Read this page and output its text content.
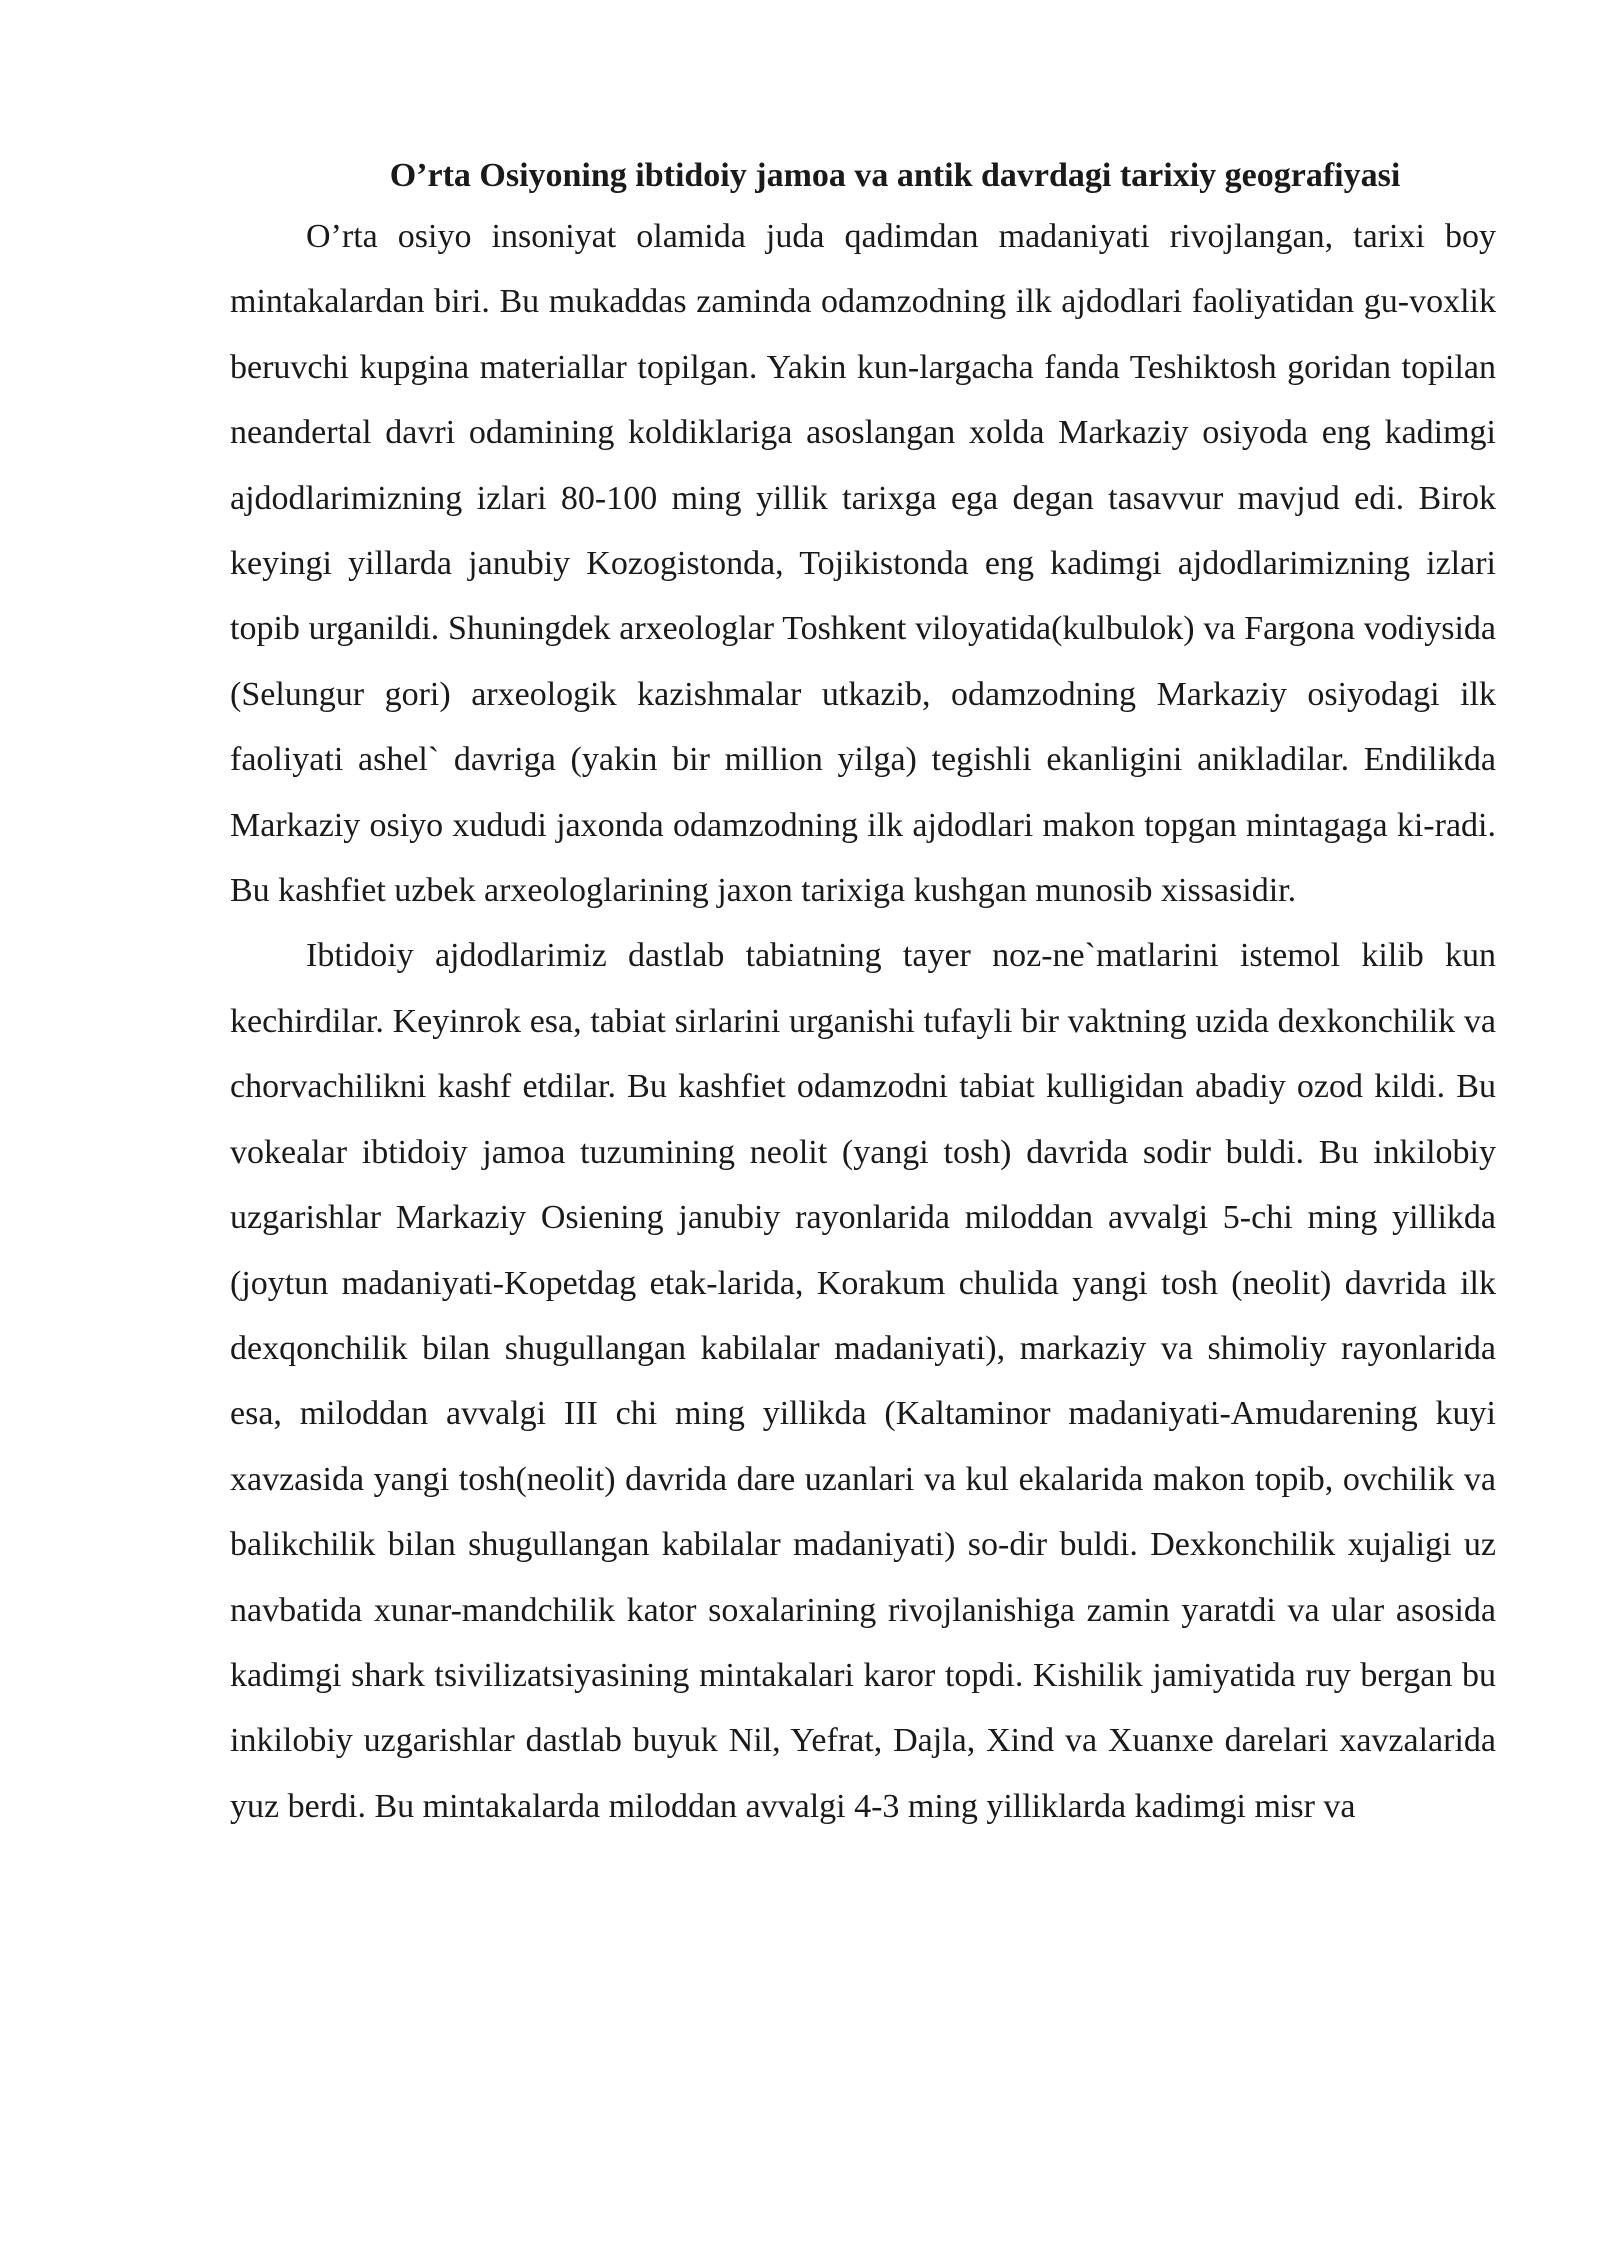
O’rta Osiyoning ibtidoiy jamoa va antik davrdagi tarixiy geografiyasi

O’rta osiyo insoniyat olamida juda qadimdan madaniyati rivojlangan, tarixi boy mintakalardan biri. Bu mukaddas zaminda odamzodning ilk ajdodlari faoliyatidan gu-voxlik beruvchi kupgina materiallar topilgan. Yakin kun-largacha fanda Teshiktosh goridan topilan neandertal davri odamining koldiklariga asoslangan xolda Markaziy osiyoda eng kadimgi ajdodlarimizning izlari 80-100 ming yillik tarixga ega degan tasavvur mavjud edi. Birok keyingi yillarda janubiy Kozogistonda, Tojikistonda eng kadimgi ajdodlarimizning izlari topib urganildi. Shuningdek arxeologlar Toshkent viloyatida(kulbulok) va Fargona vodiysida (Selungur gori) arxeologik kazishmalar utkazib, odamzodning Markaziy osiyodagi ilk faoliyati ashel` davriga (yakin bir million yilga) tegishli ekanligini anikladilar. Endilikda Markaziy osiyo xududi jaxonda odamzodning ilk ajdodlari makon topgan mintagaga ki-radi. Bu kashfiet uzbek arxeologlarining jaxon tarixiga kushgan munosib xissasidir.

Ibtidoiy ajdodlarimiz dastlab tabiatning tayer noz-ne`matlarini istemol kilib kun kechirdilar. Keyinrok esa, tabiat sirlarini urganishi tufayli bir vaktning uzida dexkonchilik va chorvachilikni kashf etdilar. Bu kashfiet odamzodni tabiat kulligidan abadiy ozod kildi. Bu vokealar ibtidoiy jamoa tuzumining neolit (yangi tosh) davrida sodir buldi. Bu inkilobiy uzgarishlar Markaziy Osiening janubiy rayonlarida miloddan avvalgi 5-chi ming yillikda (joytun madaniyati-Kopetdag etak-larida, Korakum chulida yangi tosh (neolit) davrida ilk dexqonchilik bilan shugullangan kabilalar madaniyati), markaziy va shimoliy rayonlarida esa, miloddan avvalgi III chi ming yillikda (Kaltaminor madaniyati-Amudarening kuyi xavzasida yangi tosh(neolit) davrida dare uzanlari va kul ekalarida makon topib, ovchilik va balikchilik bilan shugullangan kabilalar madaniyati) so-dir buldi. Dexkonchilik xujaligi uz navbatida xunar-mandchilik kator soxalarining rivojlanishiga zamin yaratdi va ular asosida kadimgi shark tsivilizatsiyasining mintakalari karor topdi. Kishilik jamiyatida ruy bergan bu inkilobiy uzgarishlar dastlab buyuk Nil, Yefrat, Dajla, Xind va Xuanxe darelari xavzalarida yuz berdi. Bu mintakalarda miloddan avvalgi 4-3 ming yilliklarda kadimgi misr va
